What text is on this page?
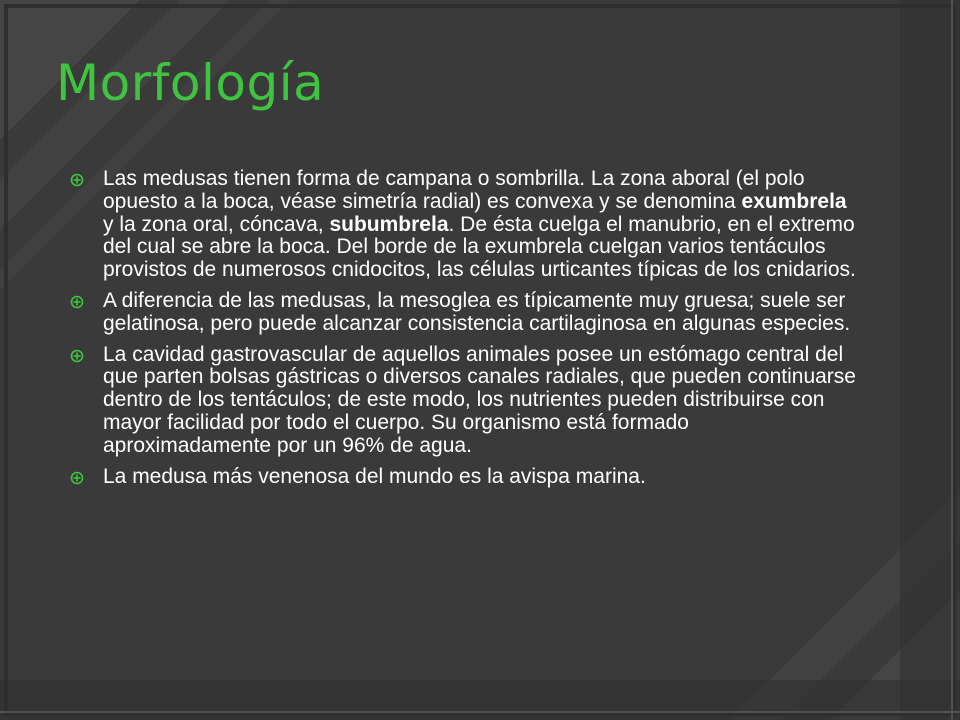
Morfología
Las medusas tienen forma de campana o sombrilla. La zona aboral (el polo opuesto a la boca, véase simetría radial) es convexa y se denomina exumbrela y la zona oral, cóncava, subumbrela. De ésta cuelga el manubrio, en el extremo del cual se abre la boca. Del borde de la exumbrela cuelgan varios tentáculos provistos de numerosos cnidocitos, las células urticantes típicas de los cnidarios.
A diferencia de las medusas, la mesoglea es típicamente muy gruesa; suele ser gelatinosa, pero puede alcanzar consistencia cartilaginosa en algunas especies.
La cavidad gastrovascular de aquellos animales posee un estómago central del que parten bolsas gástricas o diversos canales radiales, que pueden continuarse dentro de los tentáculos; de este modo, los nutrientes pueden distribuirse con mayor facilidad por todo el cuerpo. Su organismo está formado aproximadamente por un 96% de agua.
La medusa más venenosa del mundo es la avispa marina.
